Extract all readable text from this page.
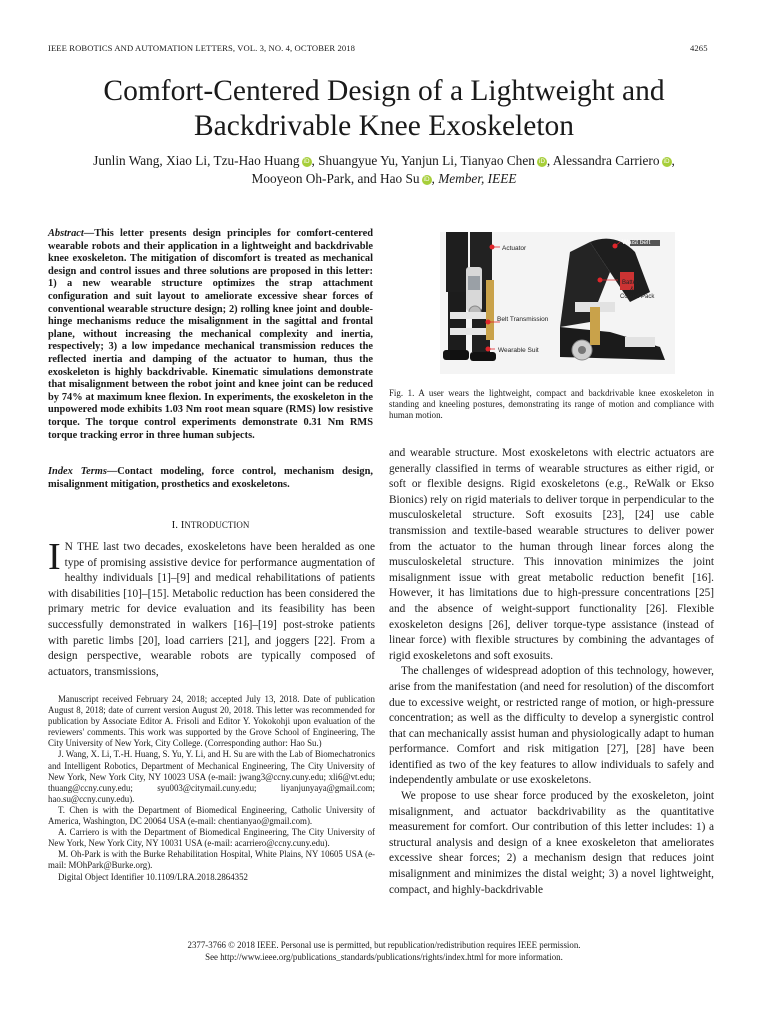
IEEE ROBOTICS AND AUTOMATION LETTERS, VOL. 3, NO. 4, OCTOBER 2018	4265
Comfort-Centered Design of a Lightweight and Backdrivable Knee Exoskeleton
Junlin Wang, Xiao Li, Tzu-Hao Huang iD , Shuangyue Yu, Yanjun Li, Tianyao Chen iD , Alessandra Carriero iD ,
Mooyeon Oh-Park, and Hao Su iD , Member, IEEE
Abstract—This letter presents design principles for comfort-centered wearable robots and their application in a lightweight and backdrivable knee exoskeleton. The mitigation of discomfort is treated as mechanical design and control issues and three solutions are proposed in this letter: 1) a new wearable structure optimizes the strap attachment configuration and suit layout to ameliorate excessive shear forces of conventional wearable structure design; 2) rolling knee joint and double-hinge mechanisms reduce the misalignment in the sagittal and frontal plane, without increasing the mechanical complexity and inertia, respectively; 3) a low impedance mechanical transmission reduces the reflected inertia and damping of the actuator to human, thus the exoskeleton is highly backdrivable. Kinematic simulations demonstrate that misalignment between the robot joint and knee joint can be reduced by 74% at maximum knee flexion. In experiments, the exoskeleton in the unpowered mode exhibits 1.03 Nm root mean square (RMS) low resistive torque. The torque control experiments demonstrate 0.31 Nm RMS torque tracking error in three human subjects.
Index Terms—Contact modeling, force control, mechanism design, misalignment mitigation, prosthetics and exoskeletons.
I. INTRODUCTION
I N THE last two decades, exoskeletons have been heralded as one type of promising assistive device for performance augmentation of healthy individuals [1]–[9] and medical rehabilitations of patients with disabilities [10]–[15]. Metabolic reduction has been considered the primary metric for device evaluation and its feasibility has been successfully demonstrated in walkers [16]–[19] post-stroke patients with paretic limbs [20], load carriers [21], and joggers [22]. From a design perspective, wearable robots are typically composed of actuators, transmissions,

Manuscript received February 24, 2018; accepted July 13, 2018. Date of publication August 8, 2018; date of current version August 20, 2018. This letter was recommended for publication by Associate Editor A. Frisoli and Editor Y. Yokokohji upon evaluation of the reviewers' comments. This work was supported by the Grove School of Engineering, The City University of New York, City College. (Corresponding author: Hao Su.)

J. Wang, X. Li, T.-H. Huang, S. Yu, Y. Li, and H. Su are with the Lab of Biomechatronics and Intelligent Robotics, Department of Mechanical Engineering, The City University of New York, New York City, NY 10023 USA (e-mail: jwang3@ccny.cuny.edu; xli6@vt.edu; thuang@ccny.cuny.edu; syu003@citymail.cuny.edu; liyanjunyaya@gmail.com; hao.su@ccny.cuny.edu).

T. Chen is with the Department of Biomedical Engineering, Catholic University of America, Washington, DC 20064 USA (e-mail: chentianyao@gmail.com).

A. Carriero is with the Department of Biomedical Engineering, The City University of New York, New York City, NY 10031 USA (e-mail: acarriero@ccny.cuny.edu).

M. Oh-Park is with the Burke Rehabilitation Hospital, White Plains, NY 10605 USA (e-mail: MOhPark@Burke.org).

Digital Object Identifier 10.1109/LRA.2018.2864352

Actuator
Waist belt
Battery
&
Control Pack
Belt Transmission
Wearable Suit
Fig. 1. A user wears the lightweight, compact and backdrivable knee exoskeleton in standing and kneeling postures, demonstrating its range of motion and compliance with human motion.

and wearable structure. Most exoskeletons with electric actuators are generally classified in terms of wearable structures as either rigid, or soft or flexible designs. Rigid exoskeletons (e.g., ReWalk or Ekso Bionics) rely on rigid materials to deliver torque in perpendicular to the musculoskeletal structure. Soft exosuits [23], [24] use cable transmission and textile-based wearable structures to deliver power from the actuator to the human through linear forces along the musculoskeletal structure. This innovation minimizes the joint misalignment issue with great metabolic reduction benefit [16]. However, it has limitations due to high-pressure concentrations [25] and the absence of weight-support functionality [26]. Flexible exoskeleton designs [26], deliver torque-type assistance (instead of linear force) with flexible structures by combining the advantages of rigid exoskeletons and soft exosuits.

The challenges of widespread adoption of this technology, however, arise from the manifestation (and need for resolution) of the discomfort due to excessive weight, or restricted range of motion, or high-pressure concentration; as well as the difficulty to develop a synergistic control that can mechanically assist human and physiologically adapt to human performance. Comfort and risk mitigation [27], [28] have been identified as two of the key features to allow individuals to safely and independently ambulate or use exoskeletons.

We propose to use shear force produced by the exoskeleton, joint misalignment, and actuator backdrivability as the quantitative measurement for comfort. Our contribution of this letter includes: 1) a structural analysis and design of a knee exoskeleton that ameliorates excessive shear forces; 2) a mechanism design that reduces joint misalignment and minimizes the distal weight; 3) a novel lightweight, compact, and highly-backdrivable

2377-3766 © 2018 IEEE. Personal use is permitted, but republication/redistribution requires IEEE permission.
See http://www.ieee.org/publications_standards/publications/rights/index.html for more information.
